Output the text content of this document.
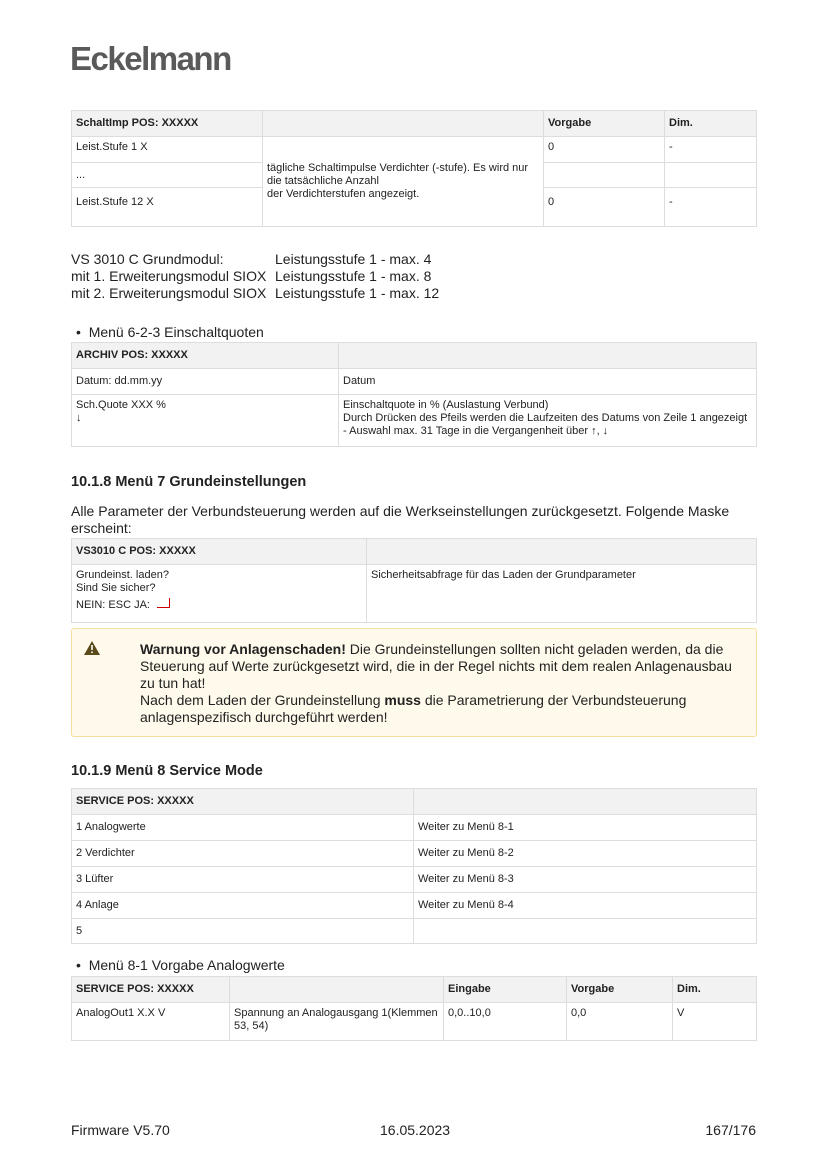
Eckelmann
SchaltImp POS: XXXXX		Vorgabe	Dim.
Leist.Stufe 1 X	tägliche Schaltimpulse Verdichter (-stufe). Es wird nur die tatsächliche Anzahl
der Verdichterstufen angezeigt.	0	-
...			
Leist.Stufe 12 X		0	-
VS 3010 C Grundmodul:	Leistungsstufe 1 - max. 4
mit 1. Erweiterungsmodul SIOX Leistungsstufe 1 - max. 8
mit 2. Erweiterungsmodul SIOX Leistungsstufe 1 - max. 12
•  Menü 6-2-3 Einschaltquoten
ARCHIV POS: XXXXX	
Datum: dd.mm.yy	Datum
Sch.Quote XXX %
↓	Einschaltquote in % (Auslastung Verbund)
Durch Drücken des Pfeils werden die Laufzeiten des Datums von Zeile 1 angezeigt
- Auswahl max. 31 Tage in die Vergangenheit über ↑, ↓
10.1.8 Menü 7 Grundeinstellungen
Alle Parameter der Verbundsteuerung werden auf die Werkseinstellungen zurückgesetzt. Folgende Maske erscheint:
VS3010 C POS: XXXXX	
Grundeinst. laden?
Sind Sie sicher?
NEIN: ESC JA:	Sicherheitsabfrage für das Laden der Grundparameter
Warnung vor Anlagenschaden! Die Grundeinstellungen sollten nicht geladen werden, da die Steuerung auf Werte zurückgesetzt wird, die in der Regel nichts mit dem realen Anlagenausbau zu tun hat!
Nach dem Laden der Grundeinstellung muss die Parametrierung der Verbundsteuerung anlagenspezifisch durchgeführt werden!
10.1.9 Menü 8 Service Mode
SERVICE POS: XXXXX	
1 Analogwerte	Weiter zu Menü 8-1
2 Verdichter	Weiter zu Menü 8-2
3 Lüfter	Weiter zu Menü 8-3
4 Anlage	Weiter zu Menü 8-4
5	
•  Menü 8-1 Vorgabe Analogwerte
SERVICE POS: XXXXX		Eingabe	Vorgabe	Dim.
AnalogOut1 X.X V	Spannung an Analogausgang 1(Klemmen 53, 54)	0,0..10,0	0,0	V
Firmware V5.70	16.05.2023	167/176
